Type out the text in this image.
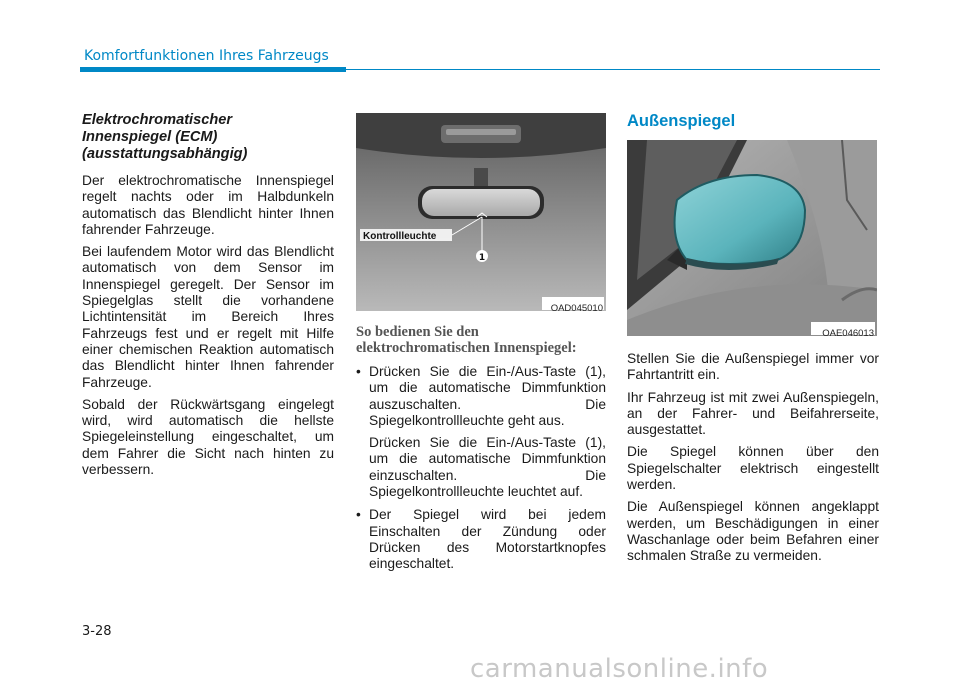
Komfortfunktionen Ihres Fahrzeugs
Elektrochromatischer
Innenspiegel (ECM)
(ausstattungsabhängig)

Der elektrochromatische Innenspiegel regelt nachts oder im Halbdunkeln automatisch das Blendlicht hinter Ihnen fahrender Fahrzeuge.

Bei laufendem Motor wird das Blendlicht automatisch von dem Sensor im Innenspiegel geregelt. Der Sensor im Spiegelglas stellt die vorhandene Lichtintensität im Bereich Ihres Fahrzeugs fest und er regelt mit Hilfe einer chemischen Reaktion automatisch das Blendlicht hinter Ihnen fahrender Fahrzeuge.

Sobald der Rückwärtsgang eingelegt wird, wird automatisch die hellste Spiegeleinstellung eingeschaltet, um dem Fahrer die Sicht nach hinten zu verbessern.

1
Kontrollleuchte
OAD045010
So bedienen Sie den
elektrochromatischen Innenspiegel:

• Drücken Sie die Ein-/Aus-Taste (1), um die automatische Dimmfunktion auszuschalten. Die Spiegelkontrollleuchte geht aus.

Drücken Sie die Ein-/Aus-Taste (1), um die automatische Dimmfunktion einzuschalten. Die Spiegelkontrollleuchte leuchtet auf.

• Der Spiegel wird bei jedem Einschalten der Zündung oder Drücken des Motorstartknopfes eingeschaltet.

Außenspiegel
OAE046013

Stellen Sie die Außenspiegel immer vor Fahrtantritt ein.

Ihr Fahrzeug ist mit zwei Außenspiegeln, an der Fahrer- und Beifahrerseite, ausgestattet.

Die Spiegel können über den Spiegelschalter elektrisch eingestellt werden.

Die Außenspiegel können angeklappt werden, um Beschädigungen in einer Waschanlage oder beim Befahren einer schmalen Straße zu vermeiden.

3-28
carmanualsonline.info
